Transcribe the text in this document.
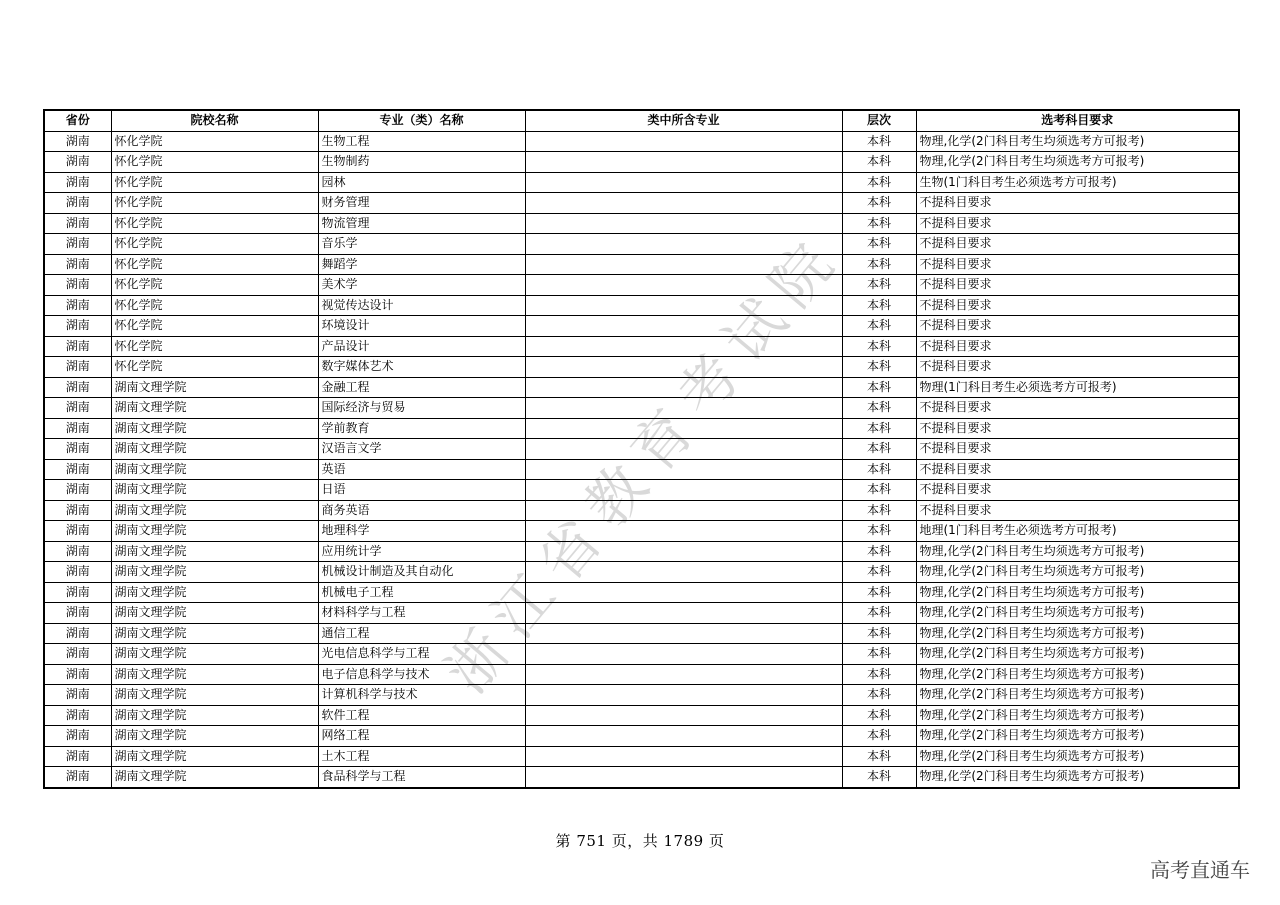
浙江省教育考试院
省份	院校名称	专业（类）名称	类中所含专业	层次	选考科目要求
湖南	怀化学院	生物工程		本科	物理,化学(2门科目考生均须选考方可报考)
湖南	怀化学院	生物制药		本科	物理,化学(2门科目考生均须选考方可报考)
湖南	怀化学院	园林		本科	生物(1门科目考生必须选考方可报考)
湖南	怀化学院	财务管理		本科	不提科目要求
湖南	怀化学院	物流管理		本科	不提科目要求
湖南	怀化学院	音乐学		本科	不提科目要求
湖南	怀化学院	舞蹈学		本科	不提科目要求
湖南	怀化学院	美术学		本科	不提科目要求
湖南	怀化学院	视觉传达设计		本科	不提科目要求
湖南	怀化学院	环境设计		本科	不提科目要求
湖南	怀化学院	产品设计		本科	不提科目要求
湖南	怀化学院	数字媒体艺术		本科	不提科目要求
湖南	湖南文理学院	金融工程		本科	物理(1门科目考生必须选考方可报考)
湖南	湖南文理学院	国际经济与贸易		本科	不提科目要求
湖南	湖南文理学院	学前教育		本科	不提科目要求
湖南	湖南文理学院	汉语言文学		本科	不提科目要求
湖南	湖南文理学院	英语		本科	不提科目要求
湖南	湖南文理学院	日语		本科	不提科目要求
湖南	湖南文理学院	商务英语		本科	不提科目要求
湖南	湖南文理学院	地理科学		本科	地理(1门科目考生必须选考方可报考)
湖南	湖南文理学院	应用统计学		本科	物理,化学(2门科目考生均须选考方可报考)
湖南	湖南文理学院	机械设计制造及其自动化		本科	物理,化学(2门科目考生均须选考方可报考)
湖南	湖南文理学院	机械电子工程		本科	物理,化学(2门科目考生均须选考方可报考)
湖南	湖南文理学院	材料科学与工程		本科	物理,化学(2门科目考生均须选考方可报考)
湖南	湖南文理学院	通信工程		本科	物理,化学(2门科目考生均须选考方可报考)
湖南	湖南文理学院	光电信息科学与工程		本科	物理,化学(2门科目考生均须选考方可报考)
湖南	湖南文理学院	电子信息科学与技术		本科	物理,化学(2门科目考生均须选考方可报考)
湖南	湖南文理学院	计算机科学与技术		本科	物理,化学(2门科目考生均须选考方可报考)
湖南	湖南文理学院	软件工程		本科	物理,化学(2门科目考生均须选考方可报考)
湖南	湖南文理学院	网络工程		本科	物理,化学(2门科目考生均须选考方可报考)
湖南	湖南文理学院	土木工程		本科	物理,化学(2门科目考生均须选考方可报考)
湖南	湖南文理学院	食品科学与工程		本科	物理,化学(2门科目考生均须选考方可报考)
第 751 页，共 1789 页
高考直通车
